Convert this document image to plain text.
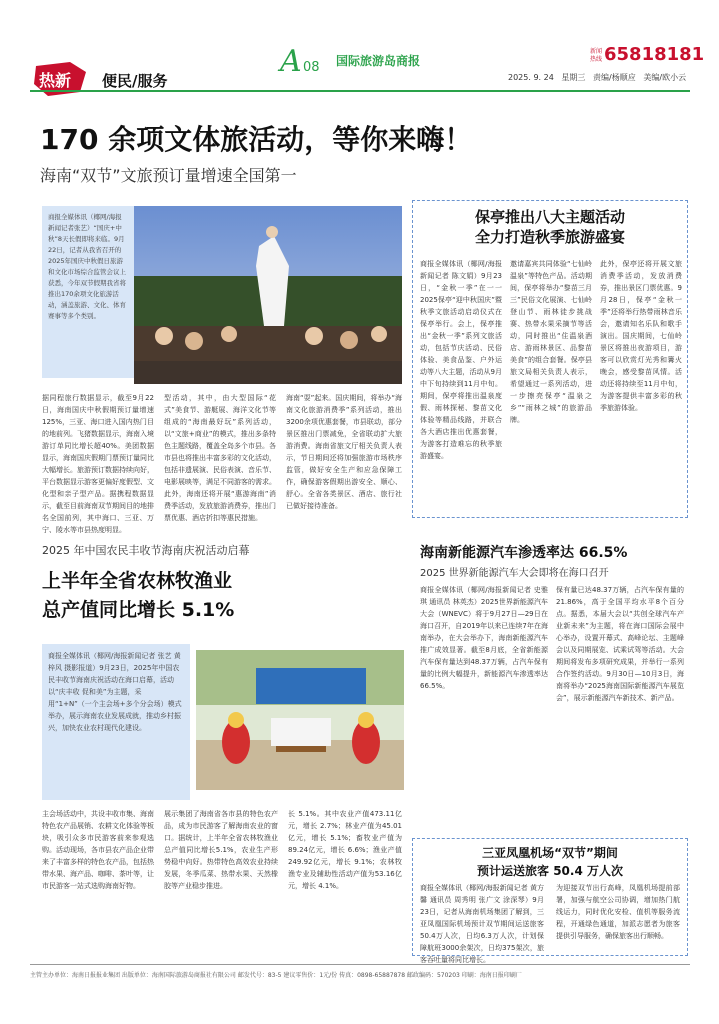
热新 便民/服务
A 08 国际旅游岛商报
新闻
热线 65818181
2025. 9. 24   星期三   责编/杨顺应   美编/欧小云
170 余项文体旅活动，等你来嗨！
海南“双节”文旅预订量增速全国第一
商报全媒体讯（椰网/海报新闻记者张艺）“国庆+中秋”8天长假即将来临。9月22日，记者从我省召开的2025年国庆中秋假日旅游和文化市场综合监管会议上获悉，今年双节假期我省将推出170余项文化旅游活动，涵盖旅游、文化、体育赛事等多个类别。
据同程旅行数据显示，截至9月22日，海南国庆中秋假期预订量增速125%，三亚、海口进入国内热门目的地前列。飞猪数据显示，海南入境游订单同比增长超40%。美团数据显示，海南国庆假期门票预订量同比大幅增长。旅游预订数据持续向好，平台数据显示游客更偏好度假型、文化型和亲子型产品。据携程数据显示，截至目前海南双节期间目的地排名全国前列，其中海口、三亚、万宁、陵水等市县热度明显。
型活动，其中，由大型国际“花式”美食节、游艇展、海洋文化节等组成的“海南最好玩”系列活动，以“文旅+商业”的模式，推出多条特色主题线路，覆盖全岛多个市县。各市县也将推出丰富多彩的文化活动，包括非遗展演、民俗表演、音乐节、电影展映等，满足不同游客的需求。此外，海南还将开展“惠游海南”消费季活动，发放旅游消费券，推出门票优惠、酒店折扣等惠民措施。
海南“耍”起来。国庆期间，将举办“海南文化旅游消费季”系列活动，推出3200余项优惠套餐，市县联动，部分景区推出门票减免，全省联动扩大旅游消费。海南省旅文厅相关负责人表示，节日期间还将加强旅游市场秩序监管，做好安全生产和应急保障工作，确保游客假期出游安全、顺心、舒心。全省各类景区、酒店、旅行社已做好接待准备。
保亭推出八大主题活动
全力打造秋季旅游盛宴
商报全媒体讯（椰网/海报新闻记者 陈文娟）9月23日，“金秋一季”在一一2025保亭“迎中秋国庆”暨秋季文旅活动启动仪式在保亭举行。会上，保亭推出“金秋一季”系列文旅活动，包括节庆活动、民俗体验、美食品鉴、户外运动等八大主题，活动从9月中下旬持续到11月中旬。期间，保亭将推出温泉度假、雨林探秘、黎苗文化体验等精品线路，并联合各大酒店推出优惠套餐，为游客打造难忘的秋季旅游盛宴。
邀请嘉宾共同体验“七仙岭温泉”等特色产品。活动期间，保亭将举办“黎苗三月三”民俗文化展演、七仙岭登山节、雨林徒步挑战赛、热带水果采摘节等活动，同时推出“住温泉酒店、游雨林景区、品黎苗美食”的组合套餐。保亭县旅文局相关负责人表示，希望通过一系列活动，进一步擦亮保亭“温泉之乡”“雨林之城”的旅游品牌。
此外，保亭还将开展文旅消费季活动，发放消费券，推出景区门票优惠。9月28日，保亭“金秋一季”还将举行热带雨林音乐会，邀请知名乐队和歌手演出。国庆期间，七仙岭景区将推出夜游项目，游客可以欣赏灯光秀和篝火晚会，感受黎苗风情。活动还将持续至11月中旬，为游客提供丰富多彩的秋季旅游体验。
2025 年中国农民丰收节海南庆祝活动启幕
上半年全省农林牧渔业
总产值同比增长 5.1%
商报全媒体讯（椰网/海报新闻记者 张艺 黄梓风 摄影报道）9月23日，2025年中国农民丰收节海南庆祝活动在海口启幕，活动以“庆丰收 促和美”为主题，采用“1+N”（一个主会场+多个分会场）模式举办，展示海南农业发展成就，推动乡村振兴，加快农业农村现代化建设。
主会场活动中，共设丰收市集、海南特色农产品展销、农耕文化体验等板块，吸引众多市民游客前来参观选购。活动现场，各市县农产品企业带来了丰富多样的特色农产品，包括热带水果、海产品、咖啡、茶叶等，让市民游客一站式选购海南好物。
展示集团了海南省各市县的特色农产品，成为市民游客了解海南农业的窗口。据统计，上半年全省农林牧渔业总产值同比增长5.1%，农业生产形势稳中向好。热带特色高效农业持续发展，冬季瓜菜、热带水果、天然橡胶等产业稳步推进。
长 5.1%。其中农业产值473.11亿元，增长 2.7%；林业产值为45.01亿元，增长 5.1%；畜牧业产值为89.24亿元，增长 6.6%；渔业产值 249.92亿元，增长 9.1%；农林牧渔专业及辅助性活动产值为53.16亿元，增长 4.1%。
海南新能源汽车渗透率达 66.5%
2025 世界新能源汽车大会即将在海口召开
商报全媒体讯（椰网/海报新闻记者 史雅琪 通讯员 林英杰）2025世界新能源汽车大会（WNEVC）将于9月27日—29日在海口召开，自2019年以来已连续7年在海南举办，在大会举办下，海南新能源汽车推广成效显著。截至8月底，全省新能源汽车保有量达到48.37万辆，占汽车保有量的比例大幅提升，新能源汽车渗透率达66.5%。
保有量已达48.37万辆，占汽车保有量的21.86%，高于全国平均水平8个百分点。据悉，本届大会以“共创全球汽车产业新未来”为主题，将在海口国际会展中心举办，设置开幕式、高峰论坛、主题峰会以及同期展览、试乘试驾等活动。大会期间将发布多项研究成果，并举行一系列合作签约活动。9月30日—10月3日，海南将举办“2025海南国际新能源汽车展览会”，展示新能源汽车新技术、新产品。
三亚凤凰机场“双节”期间
预计运送旅客 50.4 万人次
商报全媒体讯（椰网/海报新闻记者 黄方馨 通讯员 周秀明 张广文 涂深琴）9月23日，记者从海南机场集团了解到，三亚凤凰国际机场预计双节期间运送旅客50.4万人次，日均6.3万人次，计划保障航班3000余架次，日均375架次，旅客吞吐量将同比增长。
为迎接双节出行高峰，凤凰机场提前部署，加强与航空公司协调，增加热门航线运力，同时优化安检、值机等服务流程，开通绿色通道，加派志愿者为旅客提供引导服务，确保旅客出行顺畅。
主管主办单位：海南日报报业集团 出版单位：海南国际旅游岛商报社有限公司 邮发代号：83-5 建议零售价：1元/份 传真：0898-65887878 邮政编码：570203 印刷：海南日报印刷厂
